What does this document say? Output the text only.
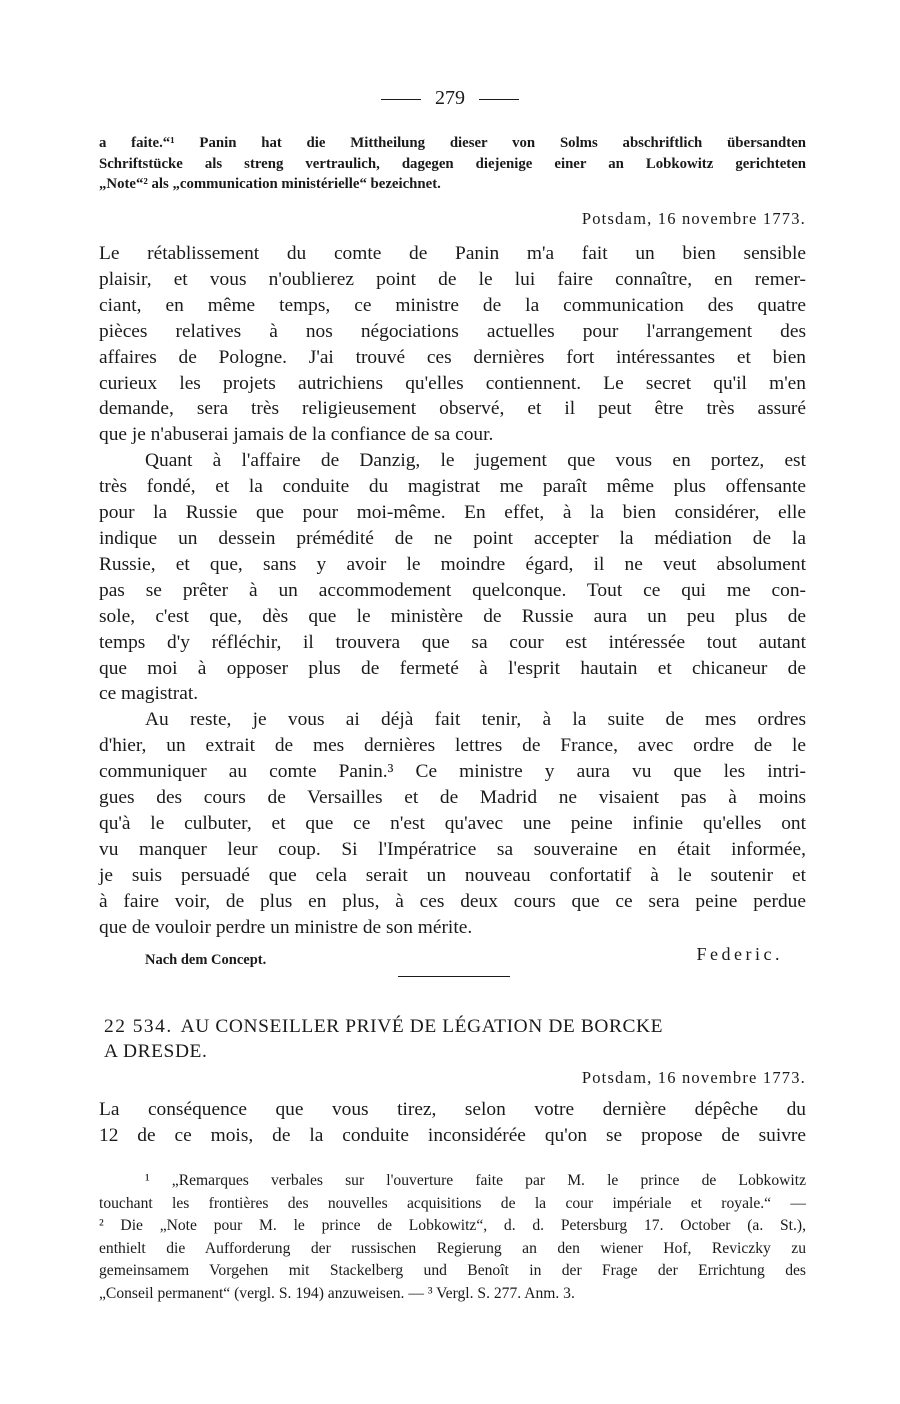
279
a faite.“¹ Panin hat die Mittheilung dieser von Solms abschriftlich übersandten
Schriftstücke als streng vertraulich, dagegen diejenige einer an Lobkowitz gerichteten
„Note“² als „communication ministérielle“ bezeichnet.
Potsdam, 16 novembre 1773.
Le rétablissement du comte de Panin m'a fait un bien sensible
plaisir, et vous n'oublierez point de le lui faire connaître, en remer-
ciant, en même temps, ce ministre de la communication des quatre
pièces relatives à nos négociations actuelles pour l'arrangement des
affaires de Pologne. J'ai trouvé ces dernières fort intéressantes et bien
curieux les projets autrichiens qu'elles contiennent. Le secret qu'il m'en
demande, sera très religieusement observé, et il peut être très assuré
que je n'abuserai jamais de la confiance de sa cour.
Quant à l'affaire de Danzig, le jugement que vous en portez, est
très fondé, et la conduite du magistrat me paraît même plus offensante
pour la Russie que pour moi-même. En effet, à la bien considérer, elle
indique un dessein prémédité de ne point accepter la médiation de la
Russie, et que, sans y avoir le moindre égard, il ne veut absolument
pas se prêter à un accommodement quelconque. Tout ce qui me con-
sole, c'est que, dès que le ministère de Russie aura un peu plus de
temps d'y réfléchir, il trouvera que sa cour est intéressée tout autant
que moi à opposer plus de fermeté à l'esprit hautain et chicaneur de
ce magistrat.
Au reste, je vous ai déjà fait tenir, à la suite de mes ordres
d'hier, un extrait de mes dernières lettres de France, avec ordre de le
communiquer au comte Panin.³ Ce ministre y aura vu que les intri-
gues des cours de Versailles et de Madrid ne visaient pas à moins
qu'à le culbuter, et que ce n'est qu'avec une peine infinie qu'elles ont
vu manquer leur coup. Si l'Impératrice sa souveraine en était informée,
je suis persuadé que cela serait un nouveau confortatif à le soutenir et
à faire voir, de plus en plus, à ces deux cours que ce sera peine perdue
que de vouloir perdre un ministre de son mérite.
Federic.
Nach dem Concept.
22 534. AU CONSEILLER PRIVÉ DE LÉGATION DE BORCKE
A DRESDE.
Potsdam, 16 novembre 1773.
La conséquence que vous tirez, selon votre dernière dépêche du
12 de ce mois, de la conduite inconsidérée qu'on se propose de suivre
¹ „Remarques verbales sur l'ouverture faite par M. le prince de Lobkowitz
touchant les frontières des nouvelles acquisitions de la cour impériale et royale.“ —
² Die „Note pour M. le prince de Lobkowitz“, d. d. Petersburg 17. October (a. St.),
enthielt die Aufforderung der russischen Regierung an den wiener Hof, Reviczky zu
gemeinsamem Vorgehen mit Stackelberg und Benoît in der Frage der Errichtung des
„Conseil permanent“ (vergl. S. 194) anzuweisen. — ³ Vergl. S. 277. Anm. 3.
